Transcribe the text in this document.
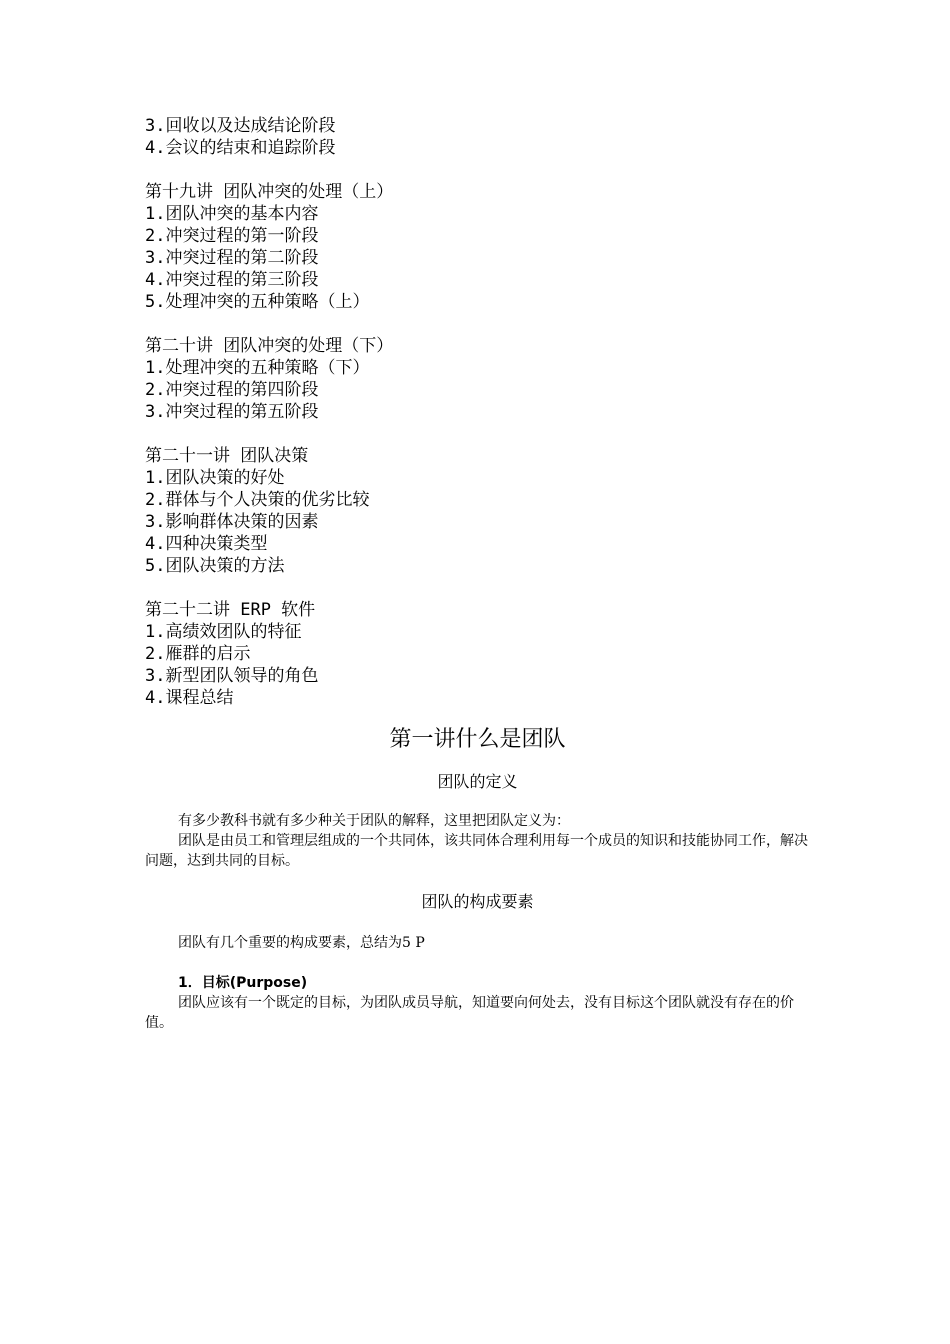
3.回收以及达成结论阶段
4.会议的结束和追踪阶段
第十九讲 团队冲突的处理（上）
1.团队冲突的基本内容
2.冲突过程的第一阶段
3.冲突过程的第二阶段
4.冲突过程的第三阶段
5.处理冲突的五种策略（上）
第二十讲 团队冲突的处理（下）
1.处理冲突的五种策略（下）
2.冲突过程的第四阶段
3.冲突过程的第五阶段
第二十一讲 团队决策
1.团队决策的好处
2.群体与个人决策的优劣比较
3.影响群体决策的因素
4.四种决策类型
5.团队决策的方法
第二十二讲 ERP 软件
1.高绩效团队的特征
2.雁群的启示
3.新型团队领导的角色
4.课程总结
第一讲什么是团队
团队的定义
有多少教科书就有多少种关于团队的解释，这里把团队定义为：
团队是由员工和管理层组成的一个共同体，该共同体合理利用每一个成员的知识和技能协同工作，解决问题，达到共同的目标。
团队的构成要素
团队有几个重要的构成要素，总结为5 P
1．目标(Purpose)
团队应该有一个既定的目标，为团队成员导航，知道要向何处去，没有目标这个团队就没有存在的价值。
